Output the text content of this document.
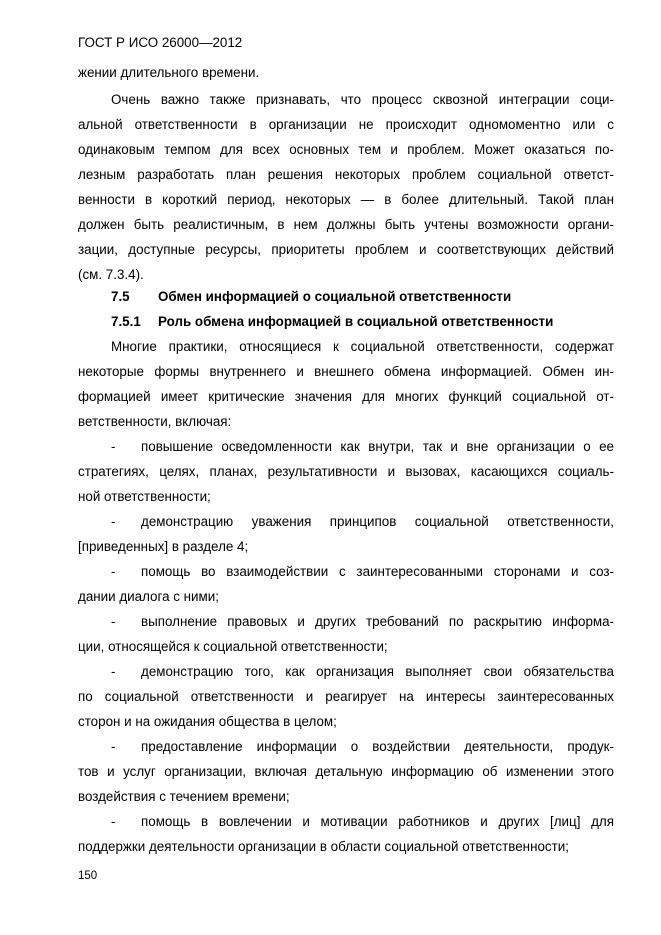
ГОСТ Р ИСО 26000—2012
жении длительного времени.
Очень важно также признавать, что процесс сквозной интеграции соци-
альной ответственности в организации не происходит одномоментно или с
одинаковым темпом для всех основных тем и проблем. Может оказаться по-
лезным разработать план решения некоторых проблем социальной ответст-
венности в короткий период, некоторых — в более длительный. Такой план
должен быть реалистичным, в нем должны быть учтены возможности органи-
зации, доступные ресурсы, приоритеты проблем и соответствующих действий
(см. 7.3.4).
7.5 Обмен информацией о социальной ответственности
7.5.1 Роль обмена информацией в социальной ответственности
Многие практики, относящиеся к социальной ответственности, содержат
некоторые формы внутреннего и внешнего обмена информацией. Обмен ин-
формацией имеет критические значения для многих функций социальной от-
ветственности, включая:
- повышение осведомленности как внутри, так и вне организации о ее
стратегиях, целях, планах, результативности и вызовах, касающихся социаль-
ной ответственности;
- демонстрацию уважения принципов социальной ответственности,
[приведенных] в разделе 4;
- помощь во взаимодействии с заинтересованными сторонами и соз-
дании диалога с ними;
- выполнение правовых и других требований по раскрытию информа-
ции, относящейся к социальной ответственности;
- демонстрацию того, как организация выполняет свои обязательства
по социальной ответственности и реагирует на интересы заинтересованных
сторон и на ожидания общества в целом;
- предоставление информации о воздействии деятельности, продук-
тов и услуг организации, включая детальную информацию об изменении этого
воздействия с течением времени;
- помощь в вовлечении и мотивации работников и других [лиц] для
поддержки деятельности организации в области социальной ответственности;
150
